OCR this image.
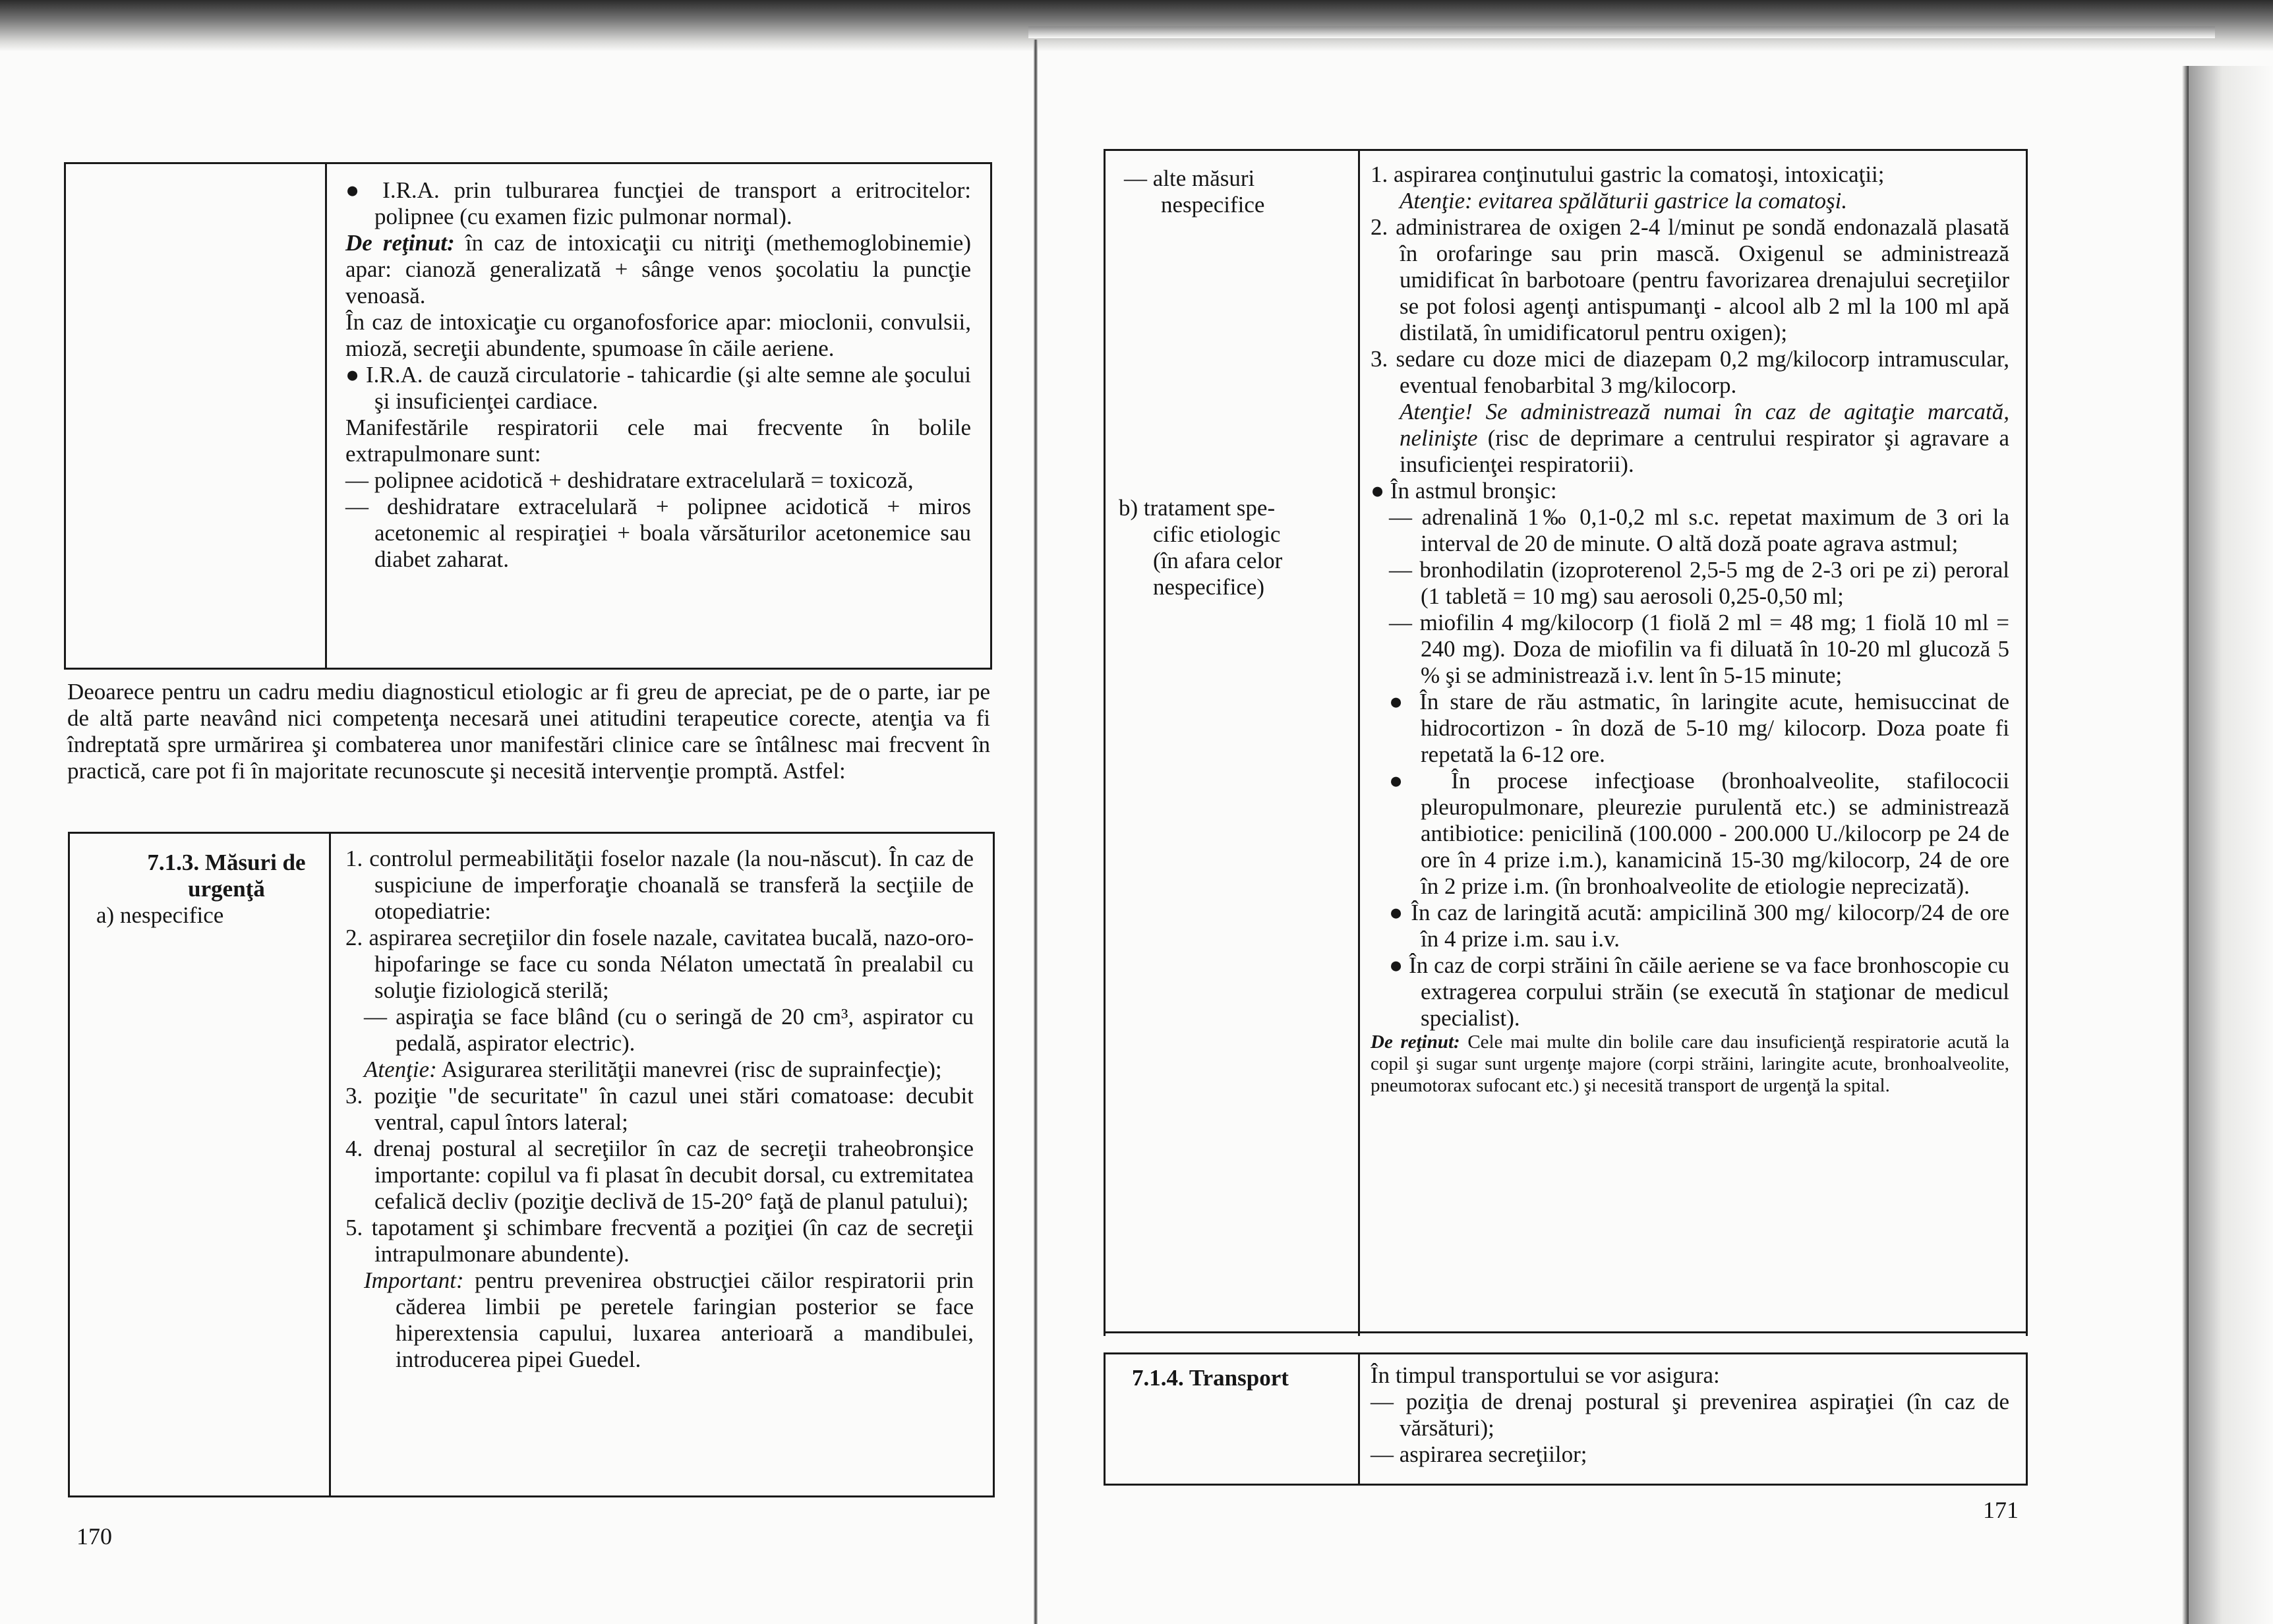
● I.R.A. prin tulburarea funcţiei de transport a eritrocitelor: polipnee (cu examen fizic pulmonar normal).
De reţinut: în caz de intoxicaţii cu nitriţi (methemoglobinemie) apar: cianoză generalizată + sânge venos şocolatiu la puncţie venoasă.
În caz de intoxicaţie cu organofosforice apar: mioclonii, convulsii, mioză, secreţii abundente, spumoase în căile aeriene.
● I.R.A. de cauză circulatorie - tahicardie (şi alte semne ale şocului şi insuficienţei cardiace.
Manifestările respiratorii cele mai frecvente în bolile extrapulmonare sunt:
— polipnee acidotică + deshidratare extracelulară = toxicoză,
— deshidratare extracelulară + polipnee acidotică + miros acetonemic al respiraţiei + boala vărsăturilor acetonemice sau diabet zaharat.
Deoarece pentru un cadru mediu diagnosticul etiologic ar fi greu de apreciat, pe de o parte, iar pe de altă parte neavând nici competenţa necesară unei atitudini terapeutice corecte, atenţia va fi îndreptată spre urmărirea şi combaterea unor manifestări clinice care se întâlnesc mai frecvent în practică, care pot fi în majoritate recunoscute şi necesită intervenţie promptă. Astfel:
7.1.3. Măsuri de
urgenţă
a) nespecifice
1. controlul permeabilităţii foselor nazale (la nou-născut). În caz de suspiciune de imperforaţie choanală se transferă la secţiile de otopediatrie:
2. aspirarea secreţiilor din fosele nazale, cavitatea bucală, nazo-oro-hipofaringe se face cu sonda Nélaton umectată în prealabil cu soluţie fiziologică sterilă;
— aspiraţia se face blând (cu o seringă de 20 cm³, aspirator cu pedală, aspirator electric).
Atenţie: Asigurarea sterilităţii manevrei (risc de suprainfecţie);
3. poziţie "de securitate" în cazul unei stări comatoase: decubit ventral, capul întors lateral;
4. drenaj postural al secreţiilor în caz de secreţii traheobronşice importante: copilul va fi plasat în decubit dorsal, cu extremitatea cefalică decliv (poziţie declivă de 15-20° faţă de planul patului);
5. tapotament şi schimbare frecventă a poziţiei (în caz de secreţii intrapulmonare abundente).
Important: pentru prevenirea obstrucţiei căilor respiratorii prin căderea limbii pe peretele faringian posterior se face hiperextensia capului, luxarea anterioară a mandibulei, introducerea pipei Guedel.
170
— alte măsuri
nespecifice
b) tratament spe-
cific etiologic
(în afara celor
nespecifice)
1. aspirarea conţinutului gastric la comatoşi, intoxicaţii;
Atenţie: evitarea spălăturii gastrice la comatoşi.
2. administrarea de oxigen 2-4 l/minut pe sondă endonazală plasată în orofaringe sau prin mască. Oxigenul se administrează umidificat în barbotoare (pentru favorizarea drenajului secreţiilor se pot folosi agenţi antispumanţi - alcool alb 2 ml la 100 ml apă distilată, în umidificatorul pentru oxigen);
3. sedare cu doze mici de diazepam 0,2 mg/kilocorp intramuscular, eventual fenobarbital 3 mg/kilocorp.
Atenţie! Se administrează numai în caz de agitaţie marcată, nelinişte (risc de deprimare a centrului respirator şi agravare a insuficienţei respiratorii).
● În astmul bronşic:
— adrenalină 1‰ 0,1-0,2 ml s.c. repetat maximum de 3 ori la interval de 20 de minute. O altă doză poate agrava astmul;
— bronhodilatin (izoproterenol 2,5-5 mg de 2-3 ori pe zi) peroral (1 tabletă = 10 mg) sau aerosoli 0,25-0,50 ml;
— miofilin 4 mg/kilocorp (1 fiolă 2 ml = 48 mg; 1 fiolă 10 ml = 240 mg). Doza de miofilin va fi diluată în 10-20 ml glucoză 5 % şi se administrează i.v. lent în 5-15 minute;
● În stare de rău astmatic, în laringite acute, hemisuccinat de hidrocortizon - în doză de 5-10 mg/ kilocorp. Doza poate fi repetată la 6-12 ore.
● În procese infecţioase (bronhoalveolite, stafilococii pleuropulmonare, pleurezie purulentă etc.) se administrează antibiotice: penicilină (100.000 - 200.000 U./kilocorp pe 24 de ore în 4 prize i.m.), kanamicină 15-30 mg/kilocorp, 24 de ore în 2 prize i.m. (în bronhoalveolite de etiologie neprecizată).
● În caz de laringită acută: ampicilină 300 mg/ kilocorp/24 de ore în 4 prize i.m. sau i.v.
● În caz de corpi străini în căile aeriene se va face bronhoscopie cu extragerea corpului străin (se execută în staţionar de medicul specialist).
De reţinut: Cele mai multe din bolile care dau insuficienţă respiratorie acută la copil şi sugar sunt urgenţe majore (corpi străini, laringite acute, bronhoalveolite, pneumotorax sufocant etc.) şi necesită transport de urgenţă la spital.
7.1.4. Transport	În timpul transportului se vor asigura:
— poziţia de drenaj postural şi prevenirea aspiraţiei (în caz de vărsături);
— aspirarea secreţiilor;
171
